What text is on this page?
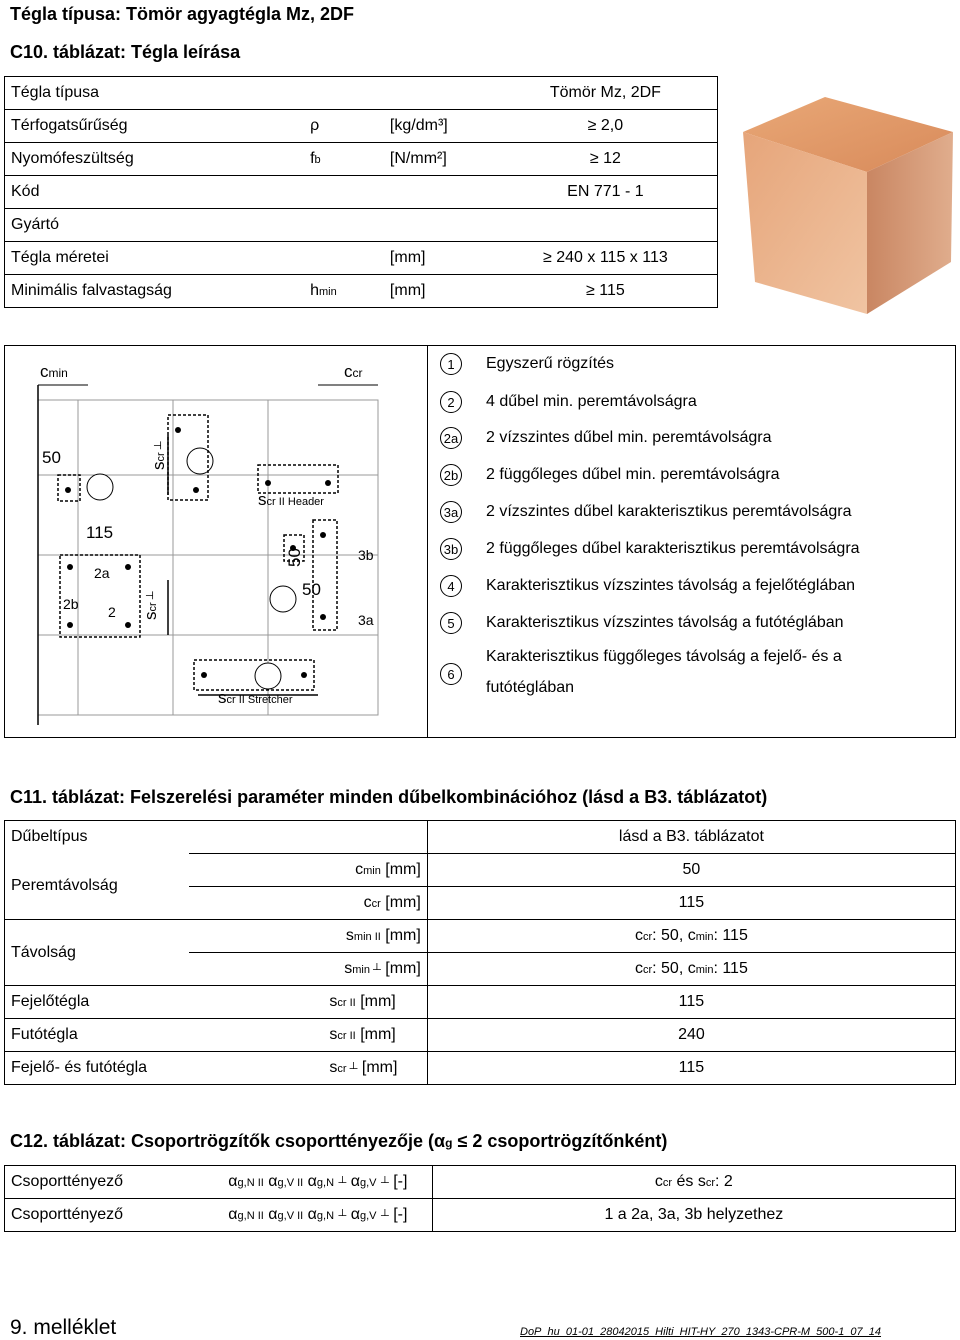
Tégla típusa: Tömör agyagtégla Mz, 2DF
C10. táblázat: Tégla leírása
Tégla típusa			Tömör Mz, 2DF
Térfogatsűrűség	ρ	[kg/dm³]	≥ 2,0
Nyomófeszültség	fb	[N/mm²]	≥ 12
Kód			EN 771 - 1
Gyártó			
Tégla méretei		[mm]	≥ 240 x 115 x 113
Minimális falvastagság	hmin	[mm]	≥ 115
cmin	ccr
50
115
50
50
scr II Header
scr II Stretcher
scr ┴
scr ┴
2a
2b 2
3b
3a
1	Egyszerű rögzítés
2	4 dűbel min. peremtávolságra
2a 2 vízszintes dűbel min. peremtávolságra
2b 2 függőleges dűbel min. peremtávolságra
3a 2 vízszintes dűbel karakterisztikus peremtávolságra
3b 2 függőleges dűbel karakterisztikus peremtávolságra
4	Karakterisztikus vízszintes távolság a fejelőtéglában
5	Karakterisztikus vízszintes távolság a futótéglában
6
Karakterisztikus függőleges távolság a fejelő- és a
futótéglában
C11. táblázat: Felszerelési paraméter minden dűbelkombinációhoz (lásd a B3. táblázatot)
Dűbeltípus		lásd a B3. táblázatot
Peremtávolság	cmin [mm]	50
	ccr [mm]	115
Távolság	smin II [mm]	ccr: 50, cmin: 115
	smin ┴ [mm]	ccr: 50, cmin: 115
Fejelőtégla	scr II [mm]	115
Futótégla	scr II [mm]	240
Fejelő- és futótégla	scr ┴ [mm]	115
C12. táblázat: Csoportrögzítők csoporttényezője (αg ≤ 2 csoportrögzítőnként)
Csoporttényező	αg,N II αg,V II αg,N ┴ αg,V ┴ [-]	ccr és scr: 2
Csoporttényező	αg,N II αg,V II αg,N ┴ αg,V ┴ [-]	1 a 2a, 3a, 3b helyzethez
9. melléklet	DoP_hu_01-01_28042015_Hilti_HIT-HY_270_1343-CPR-M_500-1_07_14
